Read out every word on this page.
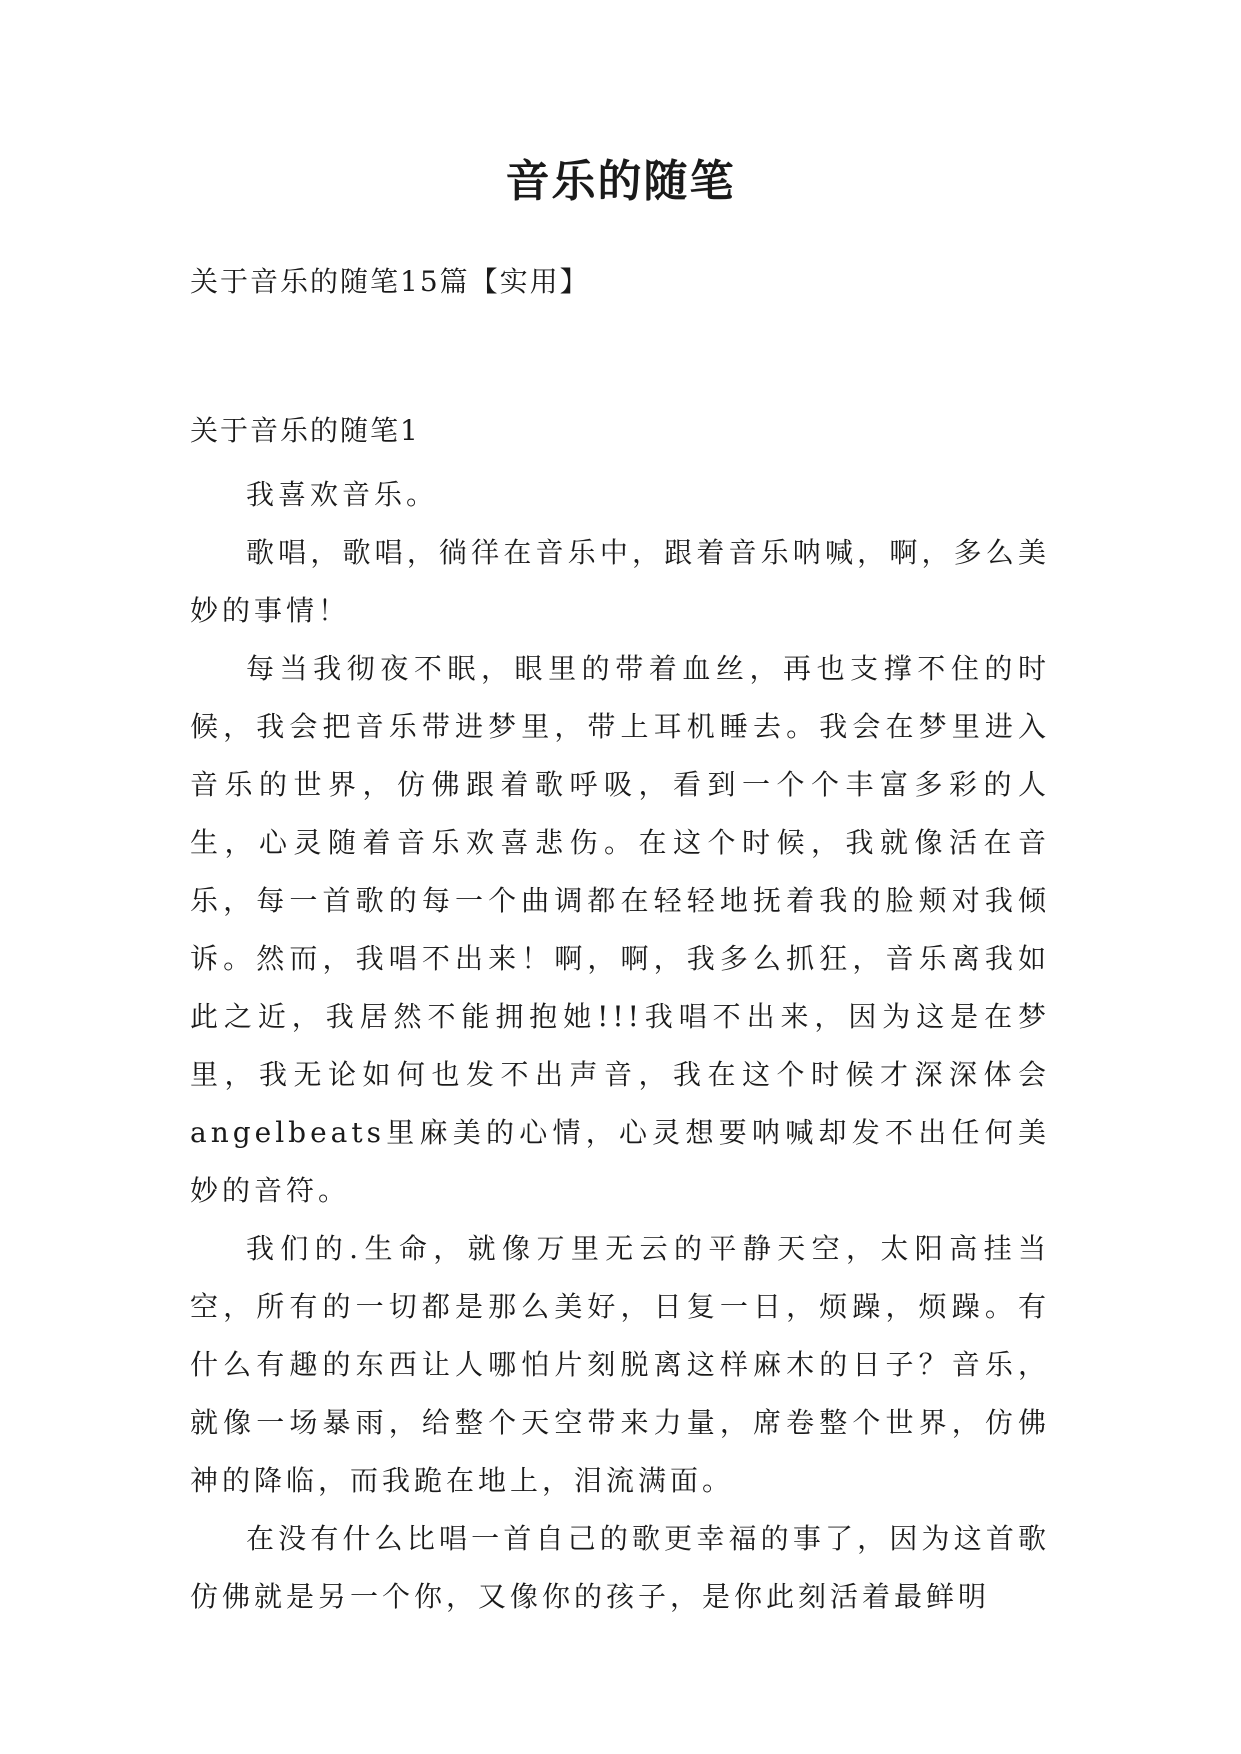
音乐的随笔
关于音乐的随笔15篇【实用】
关于音乐的随笔1

我喜欢音乐。

歌唱，歌唱，徜徉在音乐中，跟着音乐呐喊，啊，多么美妙的事情！

每当我彻夜不眠，眼里的带着血丝，再也支撑不住的时候，我会把音乐带进梦里，带上耳机睡去。我会在梦里进入音乐的世界，仿佛跟着歌呼吸，看到一个个丰富多彩的人生，心灵随着音乐欢喜悲伤。在这个时候，我就像活在音乐，每一首歌的每一个曲调都在轻轻地抚着我的脸颊对我倾诉。然而，我唱不出来！啊，啊，我多么抓狂，音乐离我如此之近，我居然不能拥抱她!!!我唱不出来，因为这是在梦里，我无论如何也发不出声音，我在这个时候才深深体会angelbeats里麻美的心情，心灵想要呐喊却发不出任何美妙的音符。

我们的.生命，就像万里无云的平静天空，太阳高挂当空，所有的一切都是那么美好，日复一日，烦躁，烦躁。有什么有趣的东西让人哪怕片刻脱离这样麻木的日子？音乐，就像一场暴雨，给整个天空带来力量，席卷整个世界，仿佛神的降临，而我跪在地上，泪流满面。

在没有什么比唱一首自己的歌更幸福的事了，因为这首歌仿佛就是另一个你，又像你的孩子，是你此刻活着最鲜明
